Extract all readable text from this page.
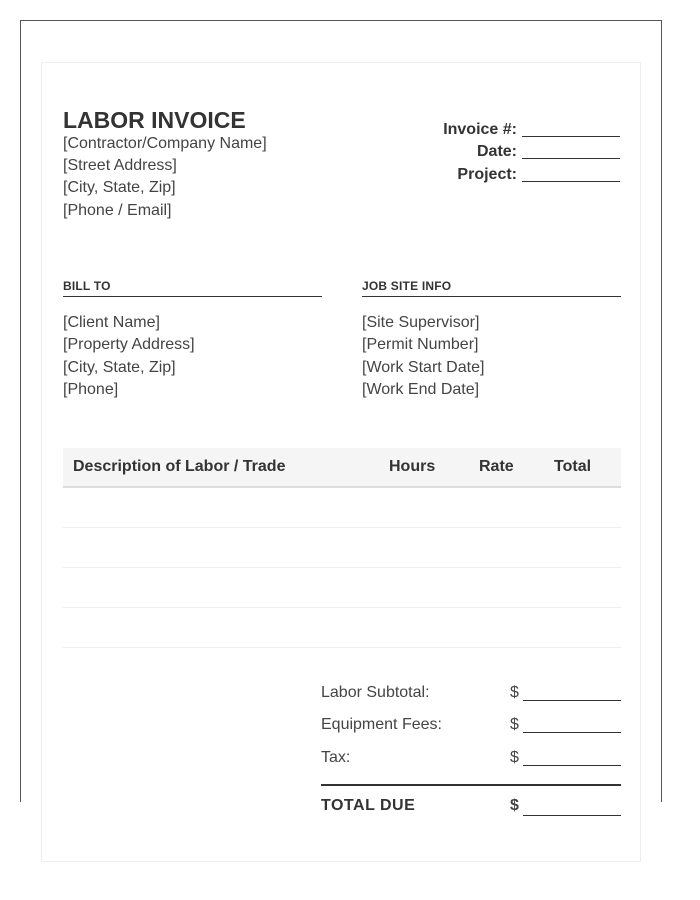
LABOR INVOICE
[Contractor/Company Name]
[Street Address]
[City, State, Zip]
[Phone / Email]
Invoice #:
Date:
Project:
BILL TO
[Client Name]
[Property Address]
[City, State, Zip]
[Phone]
JOB SITE INFO
[Site Supervisor]
[Permit Number]
[Work Start Date]
[Work End Date]
Description of Labor / Trade	Hours	Rate	Total
Labor Subtotal:	$
Equipment Fees:	$
Tax:	$
TOTAL DUE	$
